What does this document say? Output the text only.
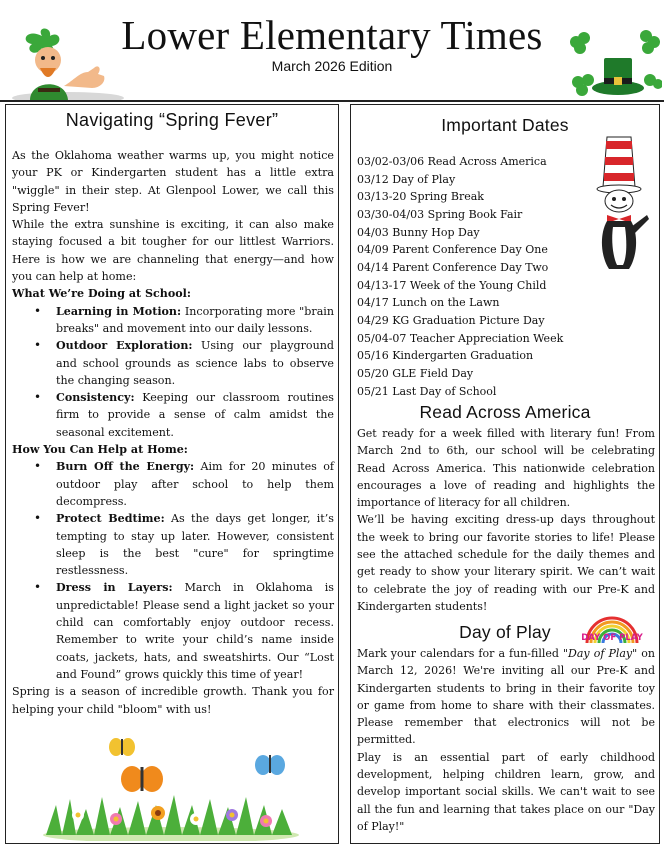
Lower Elementary Times
March 2026 Edition
Navigating “Spring Fever”

As the Oklahoma weather warms up, you might notice your PK or Kindergarten student has a little extra "wiggle" in their step. At Glenpool Lower, we call this Spring Fever!

While the extra sunshine is exciting, it can also make staying focused a bit tougher for our littlest Warriors. Here is how we are channeling that energy—and how you can help at home:

What We’re Doing at School:

• Learning in Motion: Incorporating more "brain breaks" and movement into our daily lessons.

• Outdoor Exploration: Using our playground and school grounds as science labs to observe the changing season.

• Consistency: Keeping our classroom routines firm to provide a sense of calm amidst the seasonal excitement.

How You Can Help at Home:

• Burn Off the Energy: Aim for 20 minutes of outdoor play after school to help them decompress.

• Protect Bedtime: As the days get longer, it’s tempting to stay up later. However, consistent sleep is the best "cure" for springtime restlessness.

• Dress in Layers: March in Oklahoma is unpredictable! Please send a light jacket so your child can comfortably enjoy outdoor recess. Remember to write your child’s name inside coats, jackets, hats, and sweatshirts. Our “Lost and Found” grows quickly this time of year!

Spring is a season of incredible growth. Thank you for helping your child "bloom" with us!

Important Dates
03/02-03/06 Read Across America
03/12 Day of Play
03/13-20 Spring Break
03/30-04/03 Spring Book Fair
04/03 Bunny Hop Day
04/09 Parent Conference Day One
04/14 Parent Conference Day Two
04/13-17 Week of the Young Child
04/17 Lunch on the Lawn
04/29 KG Graduation Picture Day
05/04-07 Teacher Appreciation Week
05/16 Kindergarten Graduation
05/20 GLE Field Day
05/21 Last Day of School
Read Across America

Get ready for a week filled with literary fun! From March 2nd to 6th, our school will be celebrating Read Across America. This nationwide celebration encourages a love of reading and highlights the importance of literacy for all children.

We’ll be having exciting dress-up days throughout the week to bring our favorite stories to life! Please see the attached schedule for the daily themes and get ready to show your literary spirit. We can’t wait to celebrate the joy of reading with our Pre-K and Kindergarten students!

Day of Play	DAY OF PLAY

Mark your calendars for a fun-filled "Day of Play" on March 12, 2026! We're inviting all our Pre-K and Kindergarten students to bring in their favorite toy or game from home to share with their classmates. Please remember that electronics will not be permitted.

Play is an essential part of early childhood development, helping children learn, grow, and develop important social skills. We can't wait to see all the fun and learning that takes place on our "Day of Play!"
